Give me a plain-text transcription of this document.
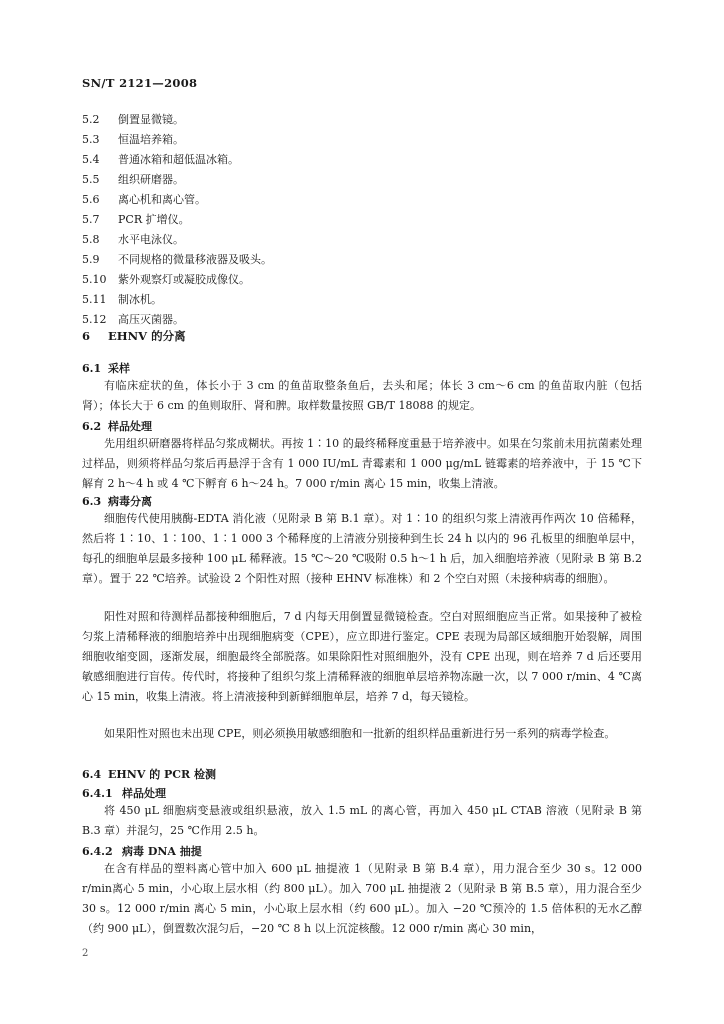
SN/T 2121—2008
5.2 倒置显微镜。
5.3 恒温培养箱。
5.4 普通冰箱和超低温冰箱。
5.5 组织研磨器。
5.6 离心机和离心管。
5.7 PCR 扩增仪。
5.8 水平电泳仪。
5.9 不同规格的微量移液器及吸头。
5.10 紫外观察灯或凝胶成像仪。
5.11 制冰机。
5.12 高压灭菌器。
6 EHNV 的分离
6.1 采样
有临床症状的鱼，体长小于 3 cm 的鱼苗取整条鱼后，去头和尾；体长 3 cm～6 cm 的鱼苗取内脏（包括肾）；体长大于 6 cm 的鱼则取肝、肾和脾。取样数量按照 GB/T 18088 的规定。
6.2 样品处理
先用组织研磨器将样品匀浆成糊状。再按 1∶10 的最终稀释度重悬于培养液中。如果在匀浆前未用抗菌素处理过样品，则须将样品匀浆后再悬浮于含有 1 000 IU/mL 青霉素和 1 000 μg/mL 链霉素的培养液中，于 15 ℃下解育 2 h～4 h 或 4 ℃下孵育 6 h～24 h。7 000 r/min 离心 15 min，收集上清液。
6.3 病毒分离
细胞传代使用胰酶-EDTA 消化液（见附录 B 第 B.1 章）。对 1∶10 的组织匀浆上清液再作两次 10 倍稀释，然后将 1∶10、1∶100、1∶1 000 3 个稀释度的上清液分别接种到生长 24 h 以内的 96 孔板里的细胞单层中，每孔的细胞单层最多接种 100 μL 稀释液。15 ℃～20 ℃吸附 0.5 h～1 h 后，加入细胞培养液（见附录 B 第 B.2 章）。置于 22 ℃培养。试验设 2 个阳性对照（接种 EHNV 标准株）和 2 个空白对照（未接种病毒的细胞）。
阳性对照和待测样品都接种细胞后，7 d 内每天用倒置显微镜检查。空白对照细胞应当正常。如果接种了被检匀浆上清稀释液的细胞培养中出现细胞病变（CPE），应立即进行鉴定。CPE 表现为局部区域细胞开始裂解，周围细胞收缩变圆，逐渐发展，细胞最终全部脱落。如果除阳性对照细胞外，没有 CPE 出现，则在培养 7 d 后还要用敏感细胞进行盲传。传代时，将接种了组织匀浆上清稀释液的细胞单层培养物冻融一次，以 7 000 r/min、4 ℃离心 15 min，收集上清液。将上清液接种到新鲜细胞单层，培养 7 d，每天镜检。
如果阳性对照也未出现 CPE，则必须换用敏感细胞和一批新的组织样品重新进行另一系列的病毒学检查。
6.4 EHNV 的 PCR 检测
6.4.1 样品处理
将 450 μL 细胞病变悬液或组织悬液，放入 1.5 mL 的离心管，再加入 450 μL CTAB 溶液（见附录 B 第 B.3 章）并混匀，25 ℃作用 2.5 h。
6.4.2 病毒 DNA 抽提
在含有样品的塑料离心管中加入 600 μL 抽提液 1（见附录 B 第 B.4 章），用力混合至少 30 s。12 000 r/min离心 5 min，小心取上层水相（约 800 μL）。加入 700 μL 抽提液 2（见附录 B 第 B.5 章），用力混合至少 30 s。12 000 r/min 离心 5 min，小心取上层水相（约 600 μL）。加入 −20 ℃预冷的 1.5 倍体积的无水乙醇（约 900 μL），倒置数次混匀后，−20 ℃ 8 h 以上沉淀核酸。12 000 r/min 离心 30 min，
2
